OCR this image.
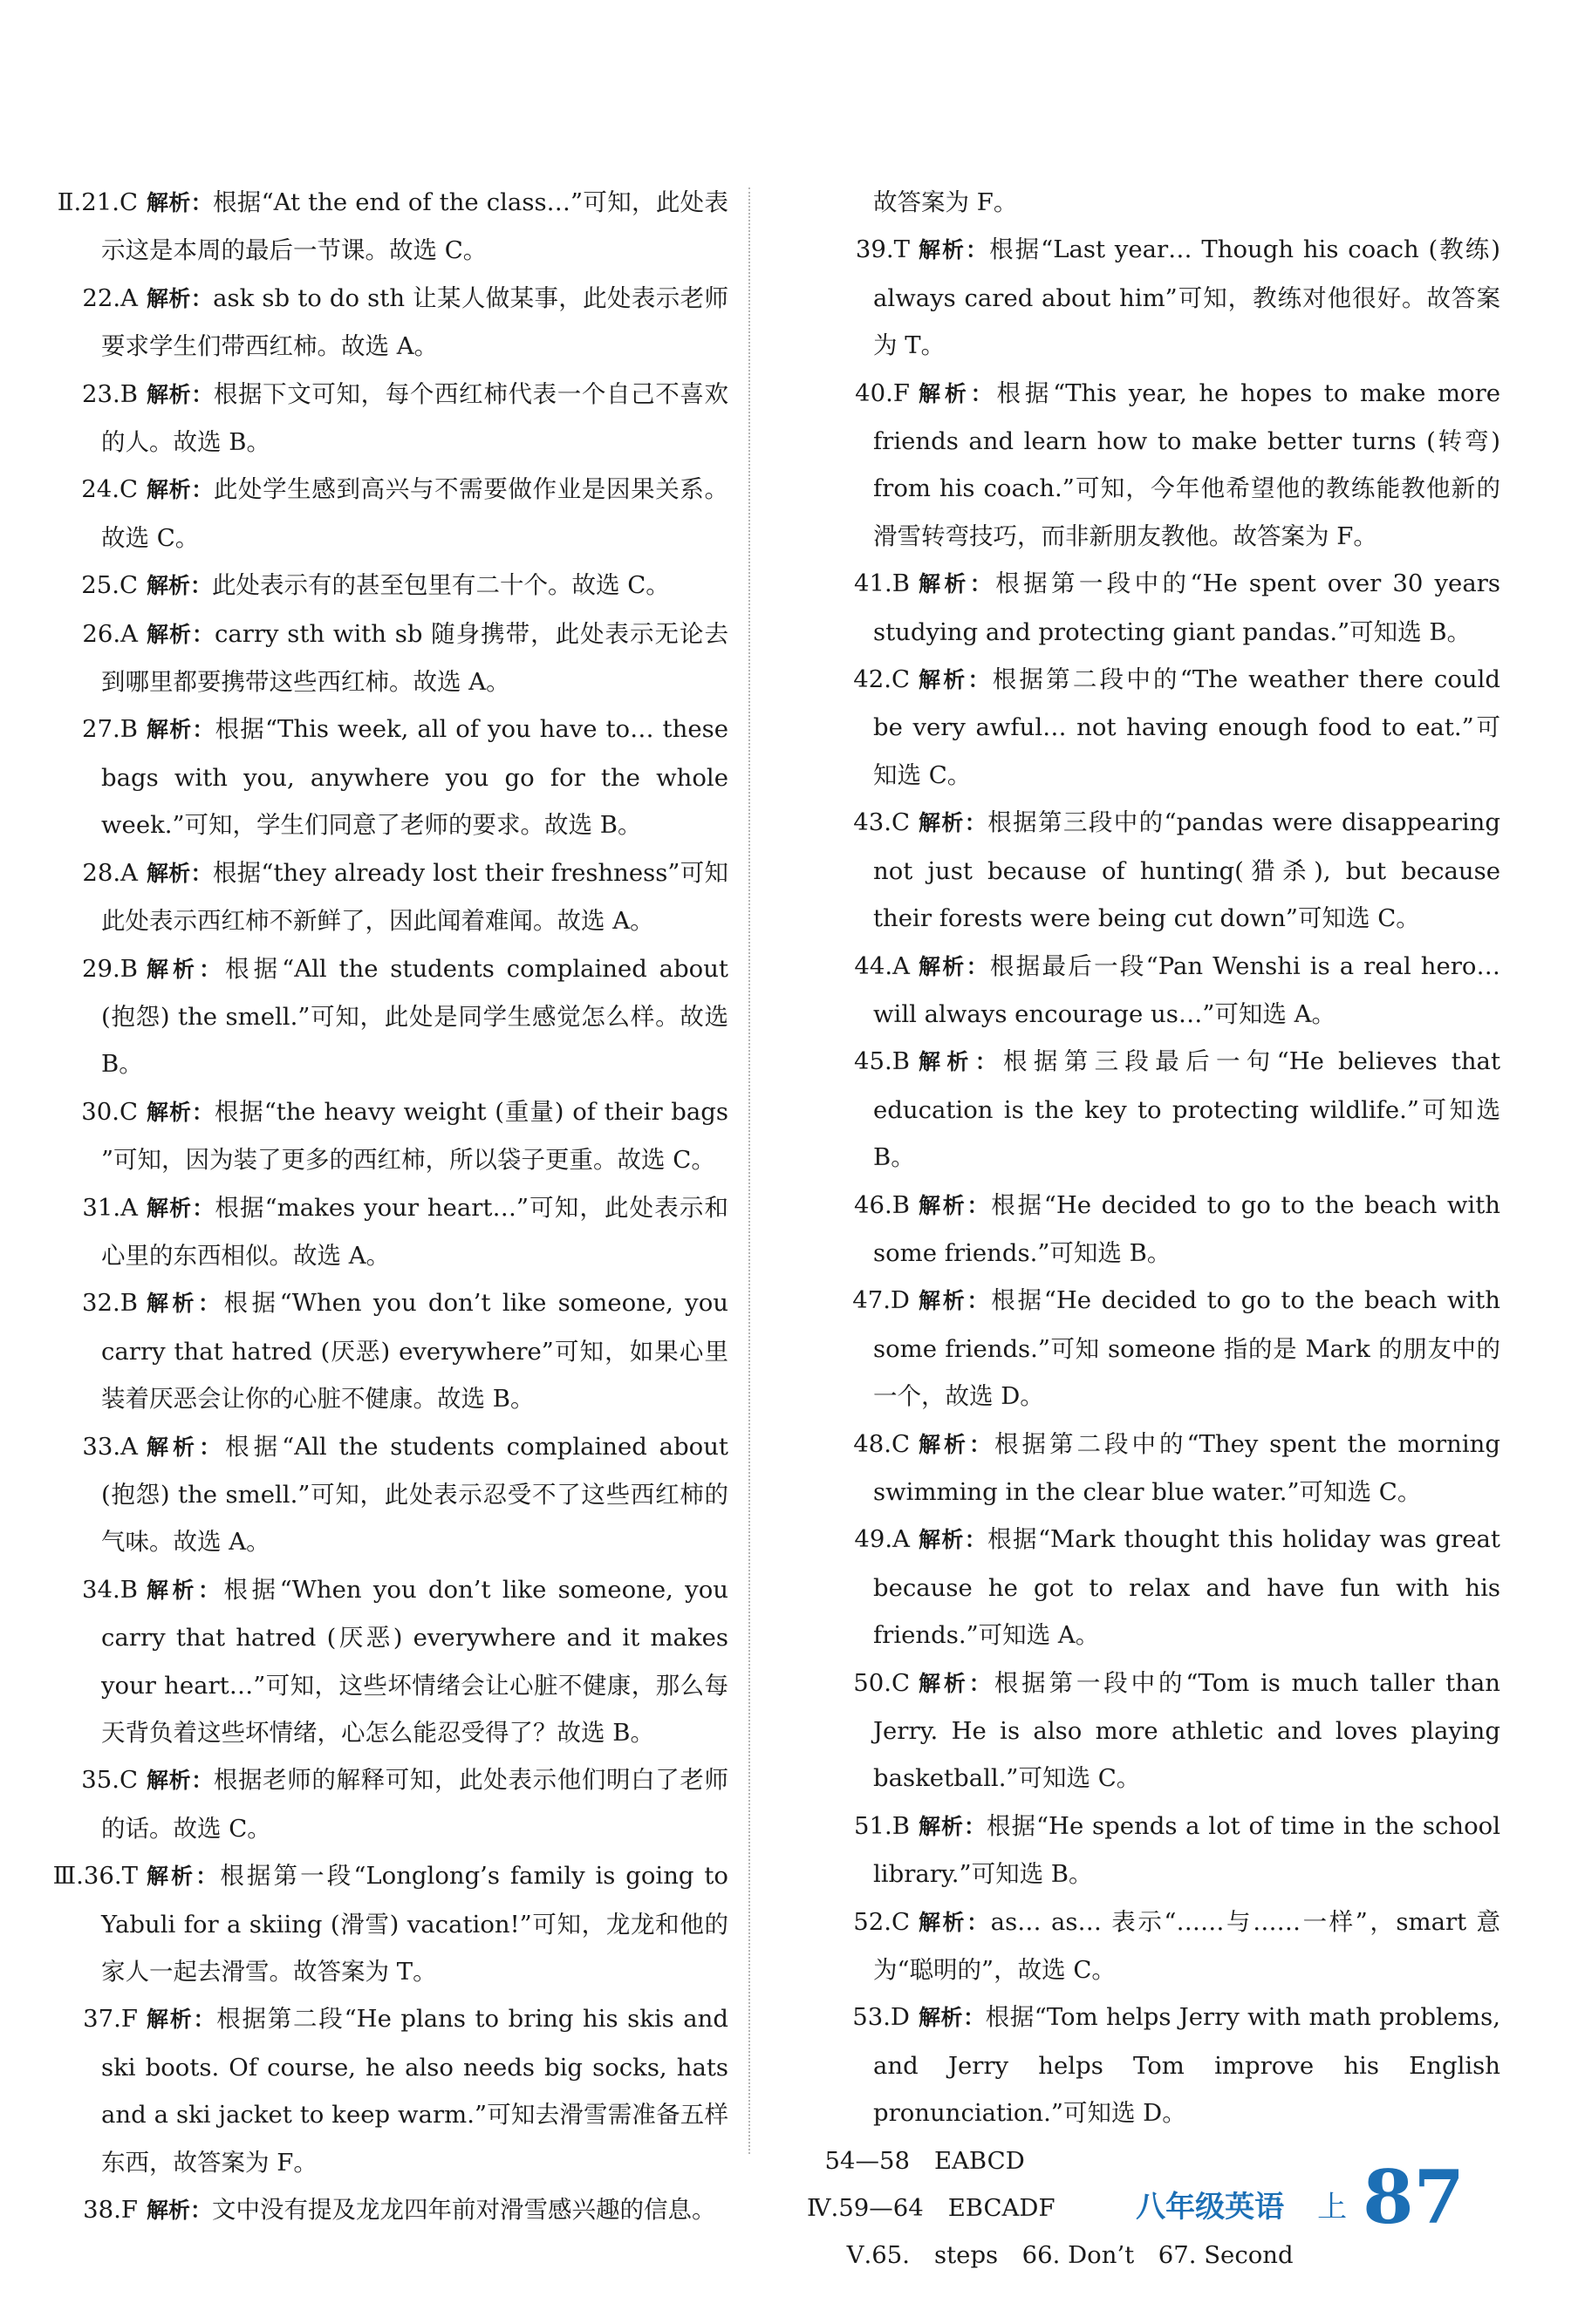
Ⅱ.21.C 解析：根据“At the end of the class…”可知，此处表示这是本周的最后一节课。故选 C。
22.A 解析：ask sb to do sth 让某人做某事，此处表示老师要求学生们带西红柿。故选 A。
23.B 解析：根据下文可知，每个西红柿代表一个自己不喜欢的人。故选 B。
24.C 解析：此处学生感到高兴与不需要做作业是因果关系。故选 C。
25.C 解析：此处表示有的甚至包里有二十个。故选 C。
26.A 解析：carry sth with sb 随身携带，此处表示无论去到哪里都要携带这些西红柿。故选 A。
27.B 解析：根据“This week, all of you have to… these bags with you, anywhere you go for the whole week.”可知，学生们同意了老师的要求。故选 B。
28.A 解析：根据“they already lost their freshness”可知此处表示西红柿不新鲜了，因此闻着难闻。故选 A。
29.B 解析：根据“All the students complained about (抱怨) the smell.”可知，此处是同学生感觉怎么样。故选 B。
30.C 解析：根据“the heavy weight (重量) of their bags ”可知，因为装了更多的西红柿，所以袋子更重。故选 C。
31.A 解析：根据“makes your heart…”可知，此处表示和心里的东西相似。故选 A。
32.B 解析：根据“When you don’t like someone, you carry that hatred (厌恶) everywhere”可知，如果心里装着厌恶会让你的心脏不健康。故选 B。
33.A 解析：根据“All the students complained about (抱怨) the smell.”可知，此处表示忍受不了这些西红柿的气味。故选 A。
34.B 解析：根据“When you don’t like someone, you carry that hatred (厌恶) everywhere and it makes your heart…”可知，这些坏情绪会让心脏不健康，那么每天背负着这些坏情绪，心怎么能忍受得了？故选 B。
35.C 解析：根据老师的解释可知，此处表示他们明白了老师的话。故选 C。
Ⅲ.36.T 解析：根据第一段“Longlong’s family is going to Yabuli for a skiing (滑雪) vacation!”可知，龙龙和他的家人一起去滑雪。故答案为 T。
37.F 解析：根据第二段“He plans to bring his skis and ski boots. Of course, he also needs big socks, hats and a ski jacket to keep warm.”可知去滑雪需准备五样东西，故答案为 F。
38.F 解析：文中没有提及龙龙四年前对滑雪感兴趣的信息。
故答案为 F。
39.T 解析：根据“Last year… Though his coach (教练) always cared about him”可知，教练对他很好。故答案为 T。
40.F 解析：根据“This year, he hopes to make more friends and learn how to make better turns (转弯) from his coach.”可知，今年他希望他的教练能教他新的滑雪转弯技巧，而非新朋友教他。故答案为 F。
41.B 解析：根据第一段中的“He spent over 30 years studying and protecting giant pandas.”可知选 B。
42.C 解析：根据第二段中的“The weather there could be very awful… not having enough food to eat.”可知选 C。
43.C 解析：根据第三段中的“pandas were disappearing not just because of hunting(猎杀), but because their forests were being cut down”可知选 C。
44.A 解析：根据最后一段“Pan Wenshi is a real hero… will always encourage us…”可知选 A。
45.B 解析：根据第三段最后一句“He believes that education is the key to protecting wildlife.”可知选 B。
46.B 解析：根据“He decided to go to the beach with some friends.”可知选 B。
47.D 解析：根据“He decided to go to the beach with some friends.”可知 someone 指的是 Mark 的朋友中的一个，故选 D。
48.C 解析：根据第二段中的“They spent the morning swimming in the clear blue water.”可知选 C。
49.A 解析：根据“Mark thought this holiday was great because he got to relax and have fun with his friends.”可知选 A。
50.C 解析：根据第一段中的“Tom is much taller than Jerry. He is also more athletic and loves playing basketball.”可知选 C。
51.B 解析：根据“He spends a lot of time in the school library.”可知选 B。
52.C 解析：as… as… 表示“……与……一样”，smart 意为“聪明的”，故选 C。
53.D 解析：根据“Tom helps Jerry with math problems, and Jerry helps Tom improve his English pronunciation.”可知选 D。
54—58 EABCD
Ⅳ.59—64 EBCADF
Ⅴ.65. steps　66. Don’t　67. Second
八年级英语 上 87
